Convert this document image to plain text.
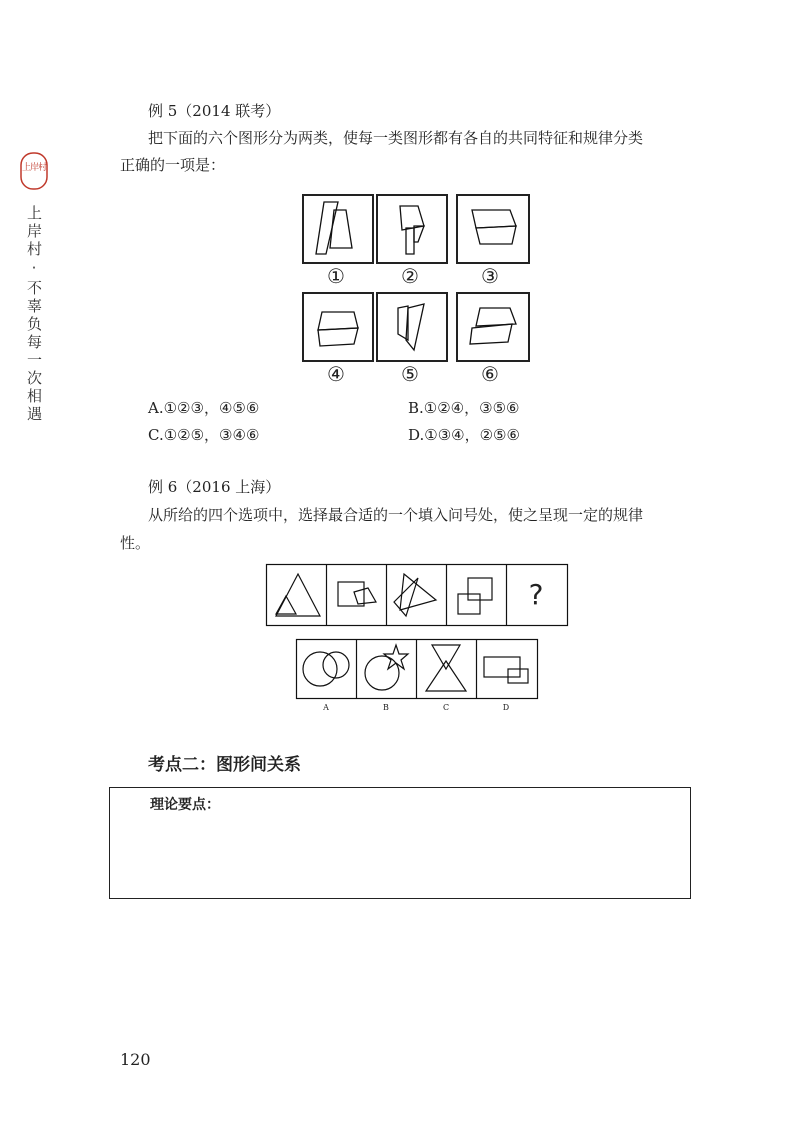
上岸村
上岸村·不辜负每一次相遇
例 5（2014 联考）
把下面的六个图形分为两类，使每一类图形都有各自的共同特征和规律分类
正确的一项是：
①	②	③
④	⑤	⑥
A.①②③，④⑤⑥	B.①②④，③⑤⑥
C.①②⑤，③④⑥	D.①③④，②⑤⑥
例 6（2016 上海）
从所给的四个选项中，选择最合适的一个填入问号处，使之呈现一定的规律
性。
?
A	B	C	D
考点二：图形间关系
理论要点：
120
